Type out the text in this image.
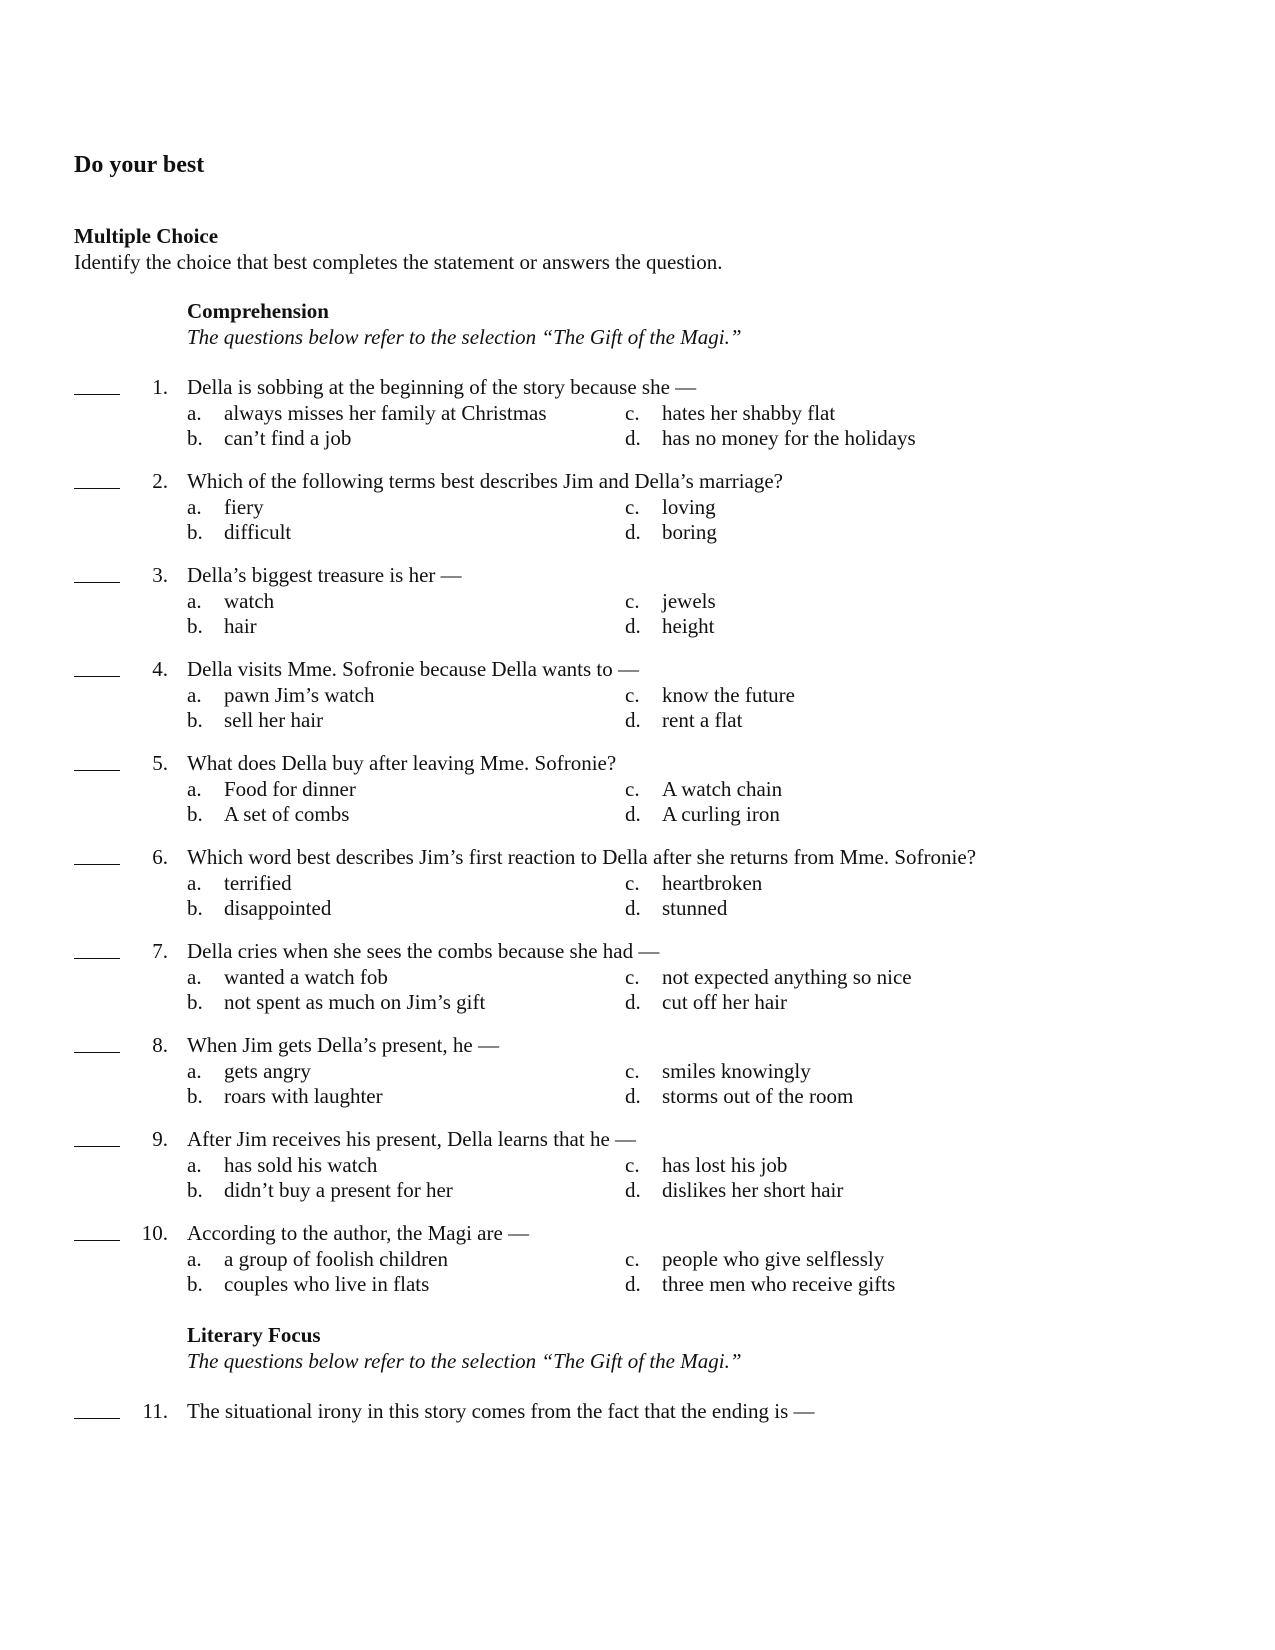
Do your best
Multiple Choice
Identify the choice that best completes the statement or answers the question.
Comprehension
The questions below refer to the selection “The Gift of the Magi.”
1. Della is sobbing at the beginning of the story because she —
a. always misses her family at Christmas
b. can’t find a job
c. hates her shabby flat
d. has no money for the holidays
2. Which of the following terms best describes Jim and Della’s marriage?
a. fiery
b. difficult
c. loving
d. boring
3. Della’s biggest treasure is her —
a. watch
b. hair
c. jewels
d. height
4. Della visits Mme. Sofronie because Della wants to —
a. pawn Jim’s watch
b. sell her hair
c. know the future
d. rent a flat
5. What does Della buy after leaving Mme. Sofronie?
a. Food for dinner
b. A set of combs
c. A watch chain
d. A curling iron
6. Which word best describes Jim’s first reaction to Della after she returns from Mme. Sofronie?
a. terrified
b. disappointed
c. heartbroken
d. stunned
7. Della cries when she sees the combs because she had —
a. wanted a watch fob
b. not spent as much on Jim’s gift
c. not expected anything so nice
d. cut off her hair
8. When Jim gets Della’s present, he —
a. gets angry
b. roars with laughter
c. smiles knowingly
d. storms out of the room
9. After Jim receives his present, Della learns that he —
a. has sold his watch
b. didn’t buy a present for her
c. has lost his job
d. dislikes her short hair
10. According to the author, the Magi are —
a. a group of foolish children
b. couples who live in flats
c. people who give selflessly
d. three men who receive gifts
Literary Focus
The questions below refer to the selection “The Gift of the Magi.”
11. The situational irony in this story comes from the fact that the ending is —
